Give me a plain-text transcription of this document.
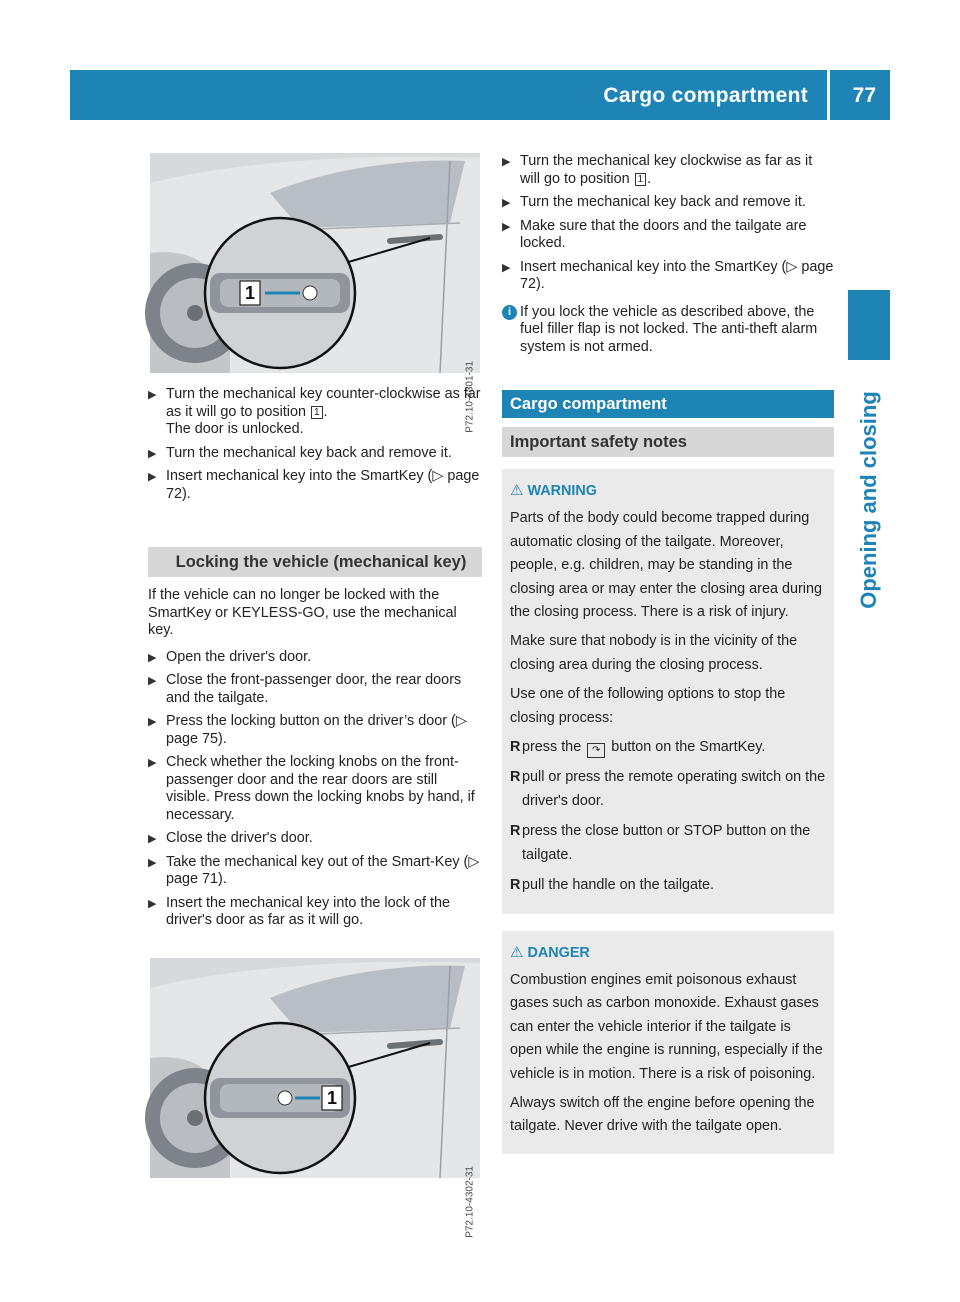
Cargo compartment 77
Opening and closing
1
P72.10-4301-31
1
P72.10-4302-31
▶ Turn the mechanical key counter-clockwise as far as it will go to position 1 .
The door is unlocked.
▶ Turn the mechanical key back and remove it.
▶ Insert mechanical key into the SmartKey (▷ page 72).
Locking the vehicle (mechanical key)

If the vehicle can no longer be locked with the SmartKey or KEYLESS-GO, use the mechanical key.

▶ Open the driver's door.
▶ Close the front-passenger door, the rear doors and the tailgate.
▶ Press the locking button on the driver’s door (▷ page 75).
▶ Check whether the locking knobs on the front-passenger door and the rear doors are still visible. Press down the locking knobs by hand, if necessary.
▶ Close the driver's door.
▶ Take the mechanical key out of the Smart-Key (▷ page 71).
▶ Insert the mechanical key into the lock of the driver's door as far as it will go.
▶ Turn the mechanical key clockwise as far as it will go to position 1 .
▶ Turn the mechanical key back and remove it.
▶ Make sure that the doors and the tailgate are locked.
▶ Insert mechanical key into the SmartKey (▷ page 72).
i If you lock the vehicle as described above, the fuel filler flap is not locked. The anti-theft alarm system is not armed.
Cargo compartment
Important safety notes
⚠ WARNING

Parts of the body could become trapped during automatic closing of the tailgate. Moreover, people, e.g. children, may be standing in the closing area or may enter the closing area during the closing process. There is a risk of injury.

Make sure that nobody is in the vicinity of the closing area during the closing process.

Use one of the following options to stop the closing process:

R press the ↷ button on the SmartKey.
R pull or press the remote operating switch on the driver's door.
R press the close button or STOP button on the tailgate.
R pull the handle on the tailgate.
⚠ DANGER

Combustion engines emit poisonous exhaust gases such as carbon monoxide. Exhaust gases can enter the vehicle interior if the tailgate is open while the engine is running, especially if the vehicle is in motion. There is a risk of poisoning.

Always switch off the engine before opening the tailgate. Never drive with the tailgate open.
